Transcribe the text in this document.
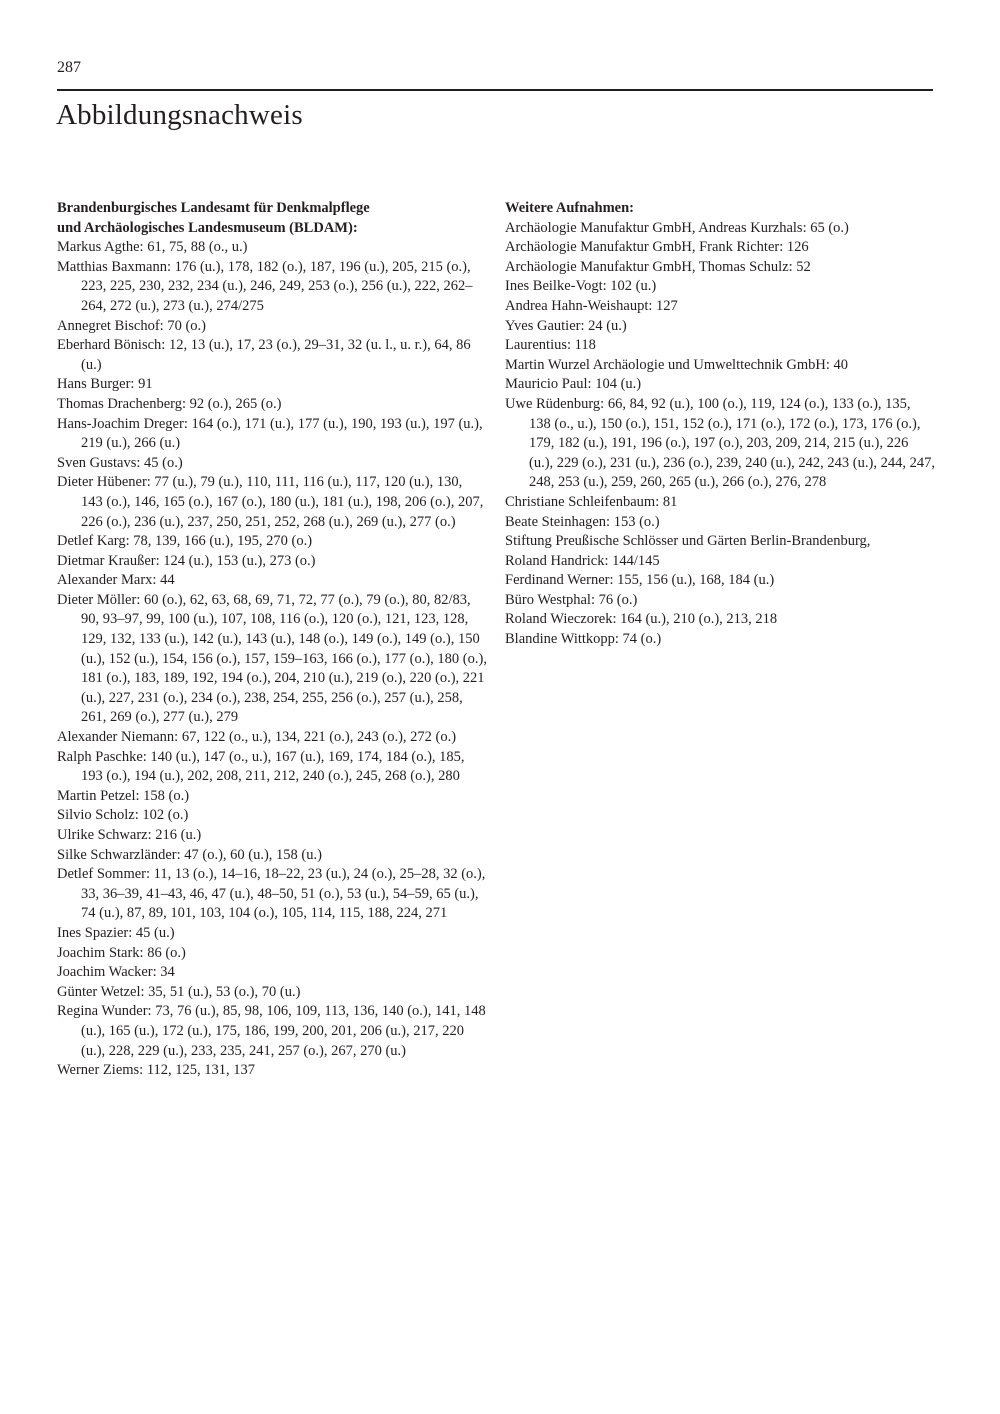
287
Abbildungsnachweis
Brandenburgisches Landesamt für Denkmalpflege
und Archäologisches Landesmuseum (BLDAM):
Markus Agthe: 61, 75, 88 (o., u.)
Matthias Baxmann: 176 (u.), 178, 182 (o.), 187, 196 (u.), 205, 215 (o.), 223, 225, 230, 232, 234 (u.), 246, 249, 253 (o.), 256 (u.), 222, 262–264, 272 (u.), 273 (u.), 274/275
Annegret Bischof: 70 (o.)
Eberhard Bönisch: 12, 13 (u.), 17, 23 (o.), 29–31, 32 (u. l., u. r.), 64, 86 (u.)
Hans Burger: 91
Thomas Drachenberg: 92 (o.), 265 (o.)
Hans-Joachim Dreger: 164 (o.), 171 (u.), 177 (u.), 190, 193 (u.), 197 (u.), 219 (u.), 266 (u.)
Sven Gustavs: 45 (o.)
Dieter Hübener: 77 (u.), 79 (u.), 110, 111, 116 (u.), 117, 120 (u.), 130, 143 (o.), 146, 165 (o.), 167 (o.), 180 (u.), 181 (u.), 198, 206 (o.), 207, 226 (o.), 236 (u.), 237, 250, 251, 252, 268 (u.), 269 (u.), 277 (o.)
Detlef Karg: 78, 139, 166 (u.), 195, 270 (o.)
Dietmar Kraußer: 124 (u.), 153 (u.), 273 (o.)
Alexander Marx: 44
Dieter Möller: 60 (o.), 62, 63, 68, 69, 71, 72, 77 (o.), 79 (o.), 80, 82/83, 90, 93–97, 99, 100 (u.), 107, 108, 116 (o.), 120 (o.), 121, 123, 128, 129, 132, 133 (u.), 142 (u.), 143 (u.), 148 (o.), 149 (o.), 149 (o.), 150 (u.), 152 (u.), 154, 156 (o.), 157, 159–163, 166 (o.), 177 (o.), 180 (o.), 181 (o.), 183, 189, 192, 194 (o.), 204, 210 (u.), 219 (o.), 220 (o.), 221 (u.), 227, 231 (o.), 234 (o.), 238, 254, 255, 256 (o.), 257 (u.), 258, 261, 269 (o.), 277 (u.), 279
Alexander Niemann: 67, 122 (o., u.), 134, 221 (o.), 243 (o.), 272 (o.)
Ralph Paschke: 140 (u.), 147 (o., u.), 167 (u.), 169, 174, 184 (o.), 185, 193 (o.), 194 (u.), 202, 208, 211, 212, 240 (o.), 245, 268 (o.), 280
Martin Petzel: 158 (o.)
Silvio Scholz: 102 (o.)
Ulrike Schwarz: 216 (u.)
Silke Schwarzländer: 47 (o.), 60 (u.), 158 (u.)
Detlef Sommer: 11, 13 (o.), 14–16, 18–22, 23 (u.), 24 (o.), 25–28, 32 (o.), 33, 36–39, 41–43, 46, 47 (u.), 48–50, 51 (o.), 53 (u.), 54–59, 65 (u.), 74 (u.), 87, 89, 101, 103, 104 (o.), 105, 114, 115, 188, 224, 271
Ines Spazier: 45 (u.)
Joachim Stark: 86 (o.)
Joachim Wacker: 34
Günter Wetzel: 35, 51 (u.), 53 (o.), 70 (u.)
Regina Wunder: 73, 76 (u.), 85, 98, 106, 109, 113, 136, 140 (o.), 141, 148 (u.), 165 (u.), 172 (u.), 175, 186, 199, 200, 201, 206 (u.), 217, 220 (u.), 228, 229 (u.), 233, 235, 241, 257 (o.), 267, 270 (u.)
Werner Ziems: 112, 125, 131, 137
Weitere Aufnahmen:
Archäologie Manufaktur GmbH, Andreas Kurzhals: 65 (o.)
Archäologie Manufaktur GmbH, Frank Richter: 126
Archäologie Manufaktur GmbH, Thomas Schulz: 52
Ines Beilke-Vogt: 102 (u.)
Andrea Hahn-Weishaupt: 127
Yves Gautier: 24 (u.)
Laurentius: 118
Martin Wurzel Archäologie und Umwelttechnik GmbH: 40
Mauricio Paul: 104 (u.)
Uwe Rüdenburg: 66, 84, 92 (u.), 100 (o.), 119, 124 (o.), 133 (o.), 135, 138 (o., u.), 150 (o.), 151, 152 (o.), 171 (o.), 172 (o.), 173, 176 (o.), 179, 182 (u.), 191, 196 (o.), 197 (o.), 203, 209, 214, 215 (u.), 226 (u.), 229 (o.), 231 (u.), 236 (o.), 239, 240 (u.), 242, 243 (u.), 244, 247, 248, 253 (u.), 259, 260, 265 (u.), 266 (o.), 276, 278
Christiane Schleifenbaum: 81
Beate Steinhagen: 153 (o.)
Stiftung Preußische Schlösser und Gärten Berlin-Brandenburg,
Roland Handrick: 144/145
Ferdinand Werner: 155, 156 (u.), 168, 184 (u.)
Büro Westphal: 76 (o.)
Roland Wieczorek: 164 (u.), 210 (o.), 213, 218
Blandine Wittkopp: 74 (o.)
